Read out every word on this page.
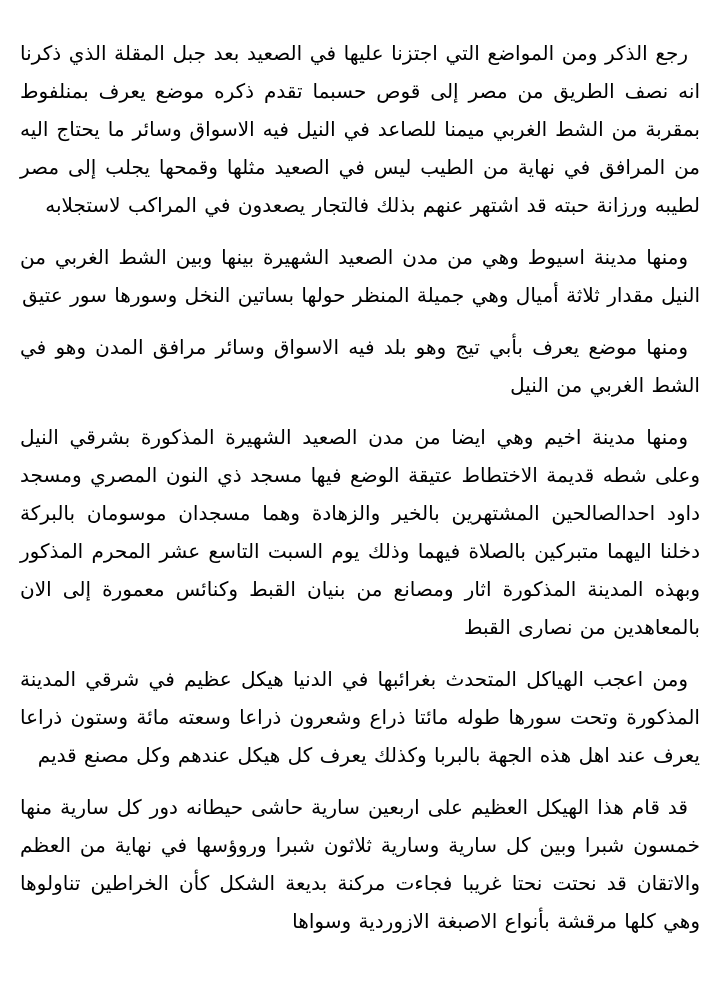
رجع الذكر ومن المواضع التي اجتزنا عليها في الصعيد بعد جبل المقلة الذي ذكرنا انه نصف الطريق من مصر إلى قوص حسبما تقدم ذكره موضع يعرف بمنلفوط بمقربة من الشط الغربي ميمنا للصاعد في النيل فيه الاسواق وسائر ما يحتاج اليه من المرافق في نهاية من الطيب ليس في الصعيد مثلها وقمحها يجلب إلى مصر لطيبه ورزانة حبته قد اشتهر عنهم بذلك فالتجار يصعدون في المراكب لاستجلابه

ومنها مدينة اسيوط وهي من مدن الصعيد الشهيرة بينها وبين الشط الغربي من النيل مقدار ثلاثة أميال وهي جميلة المنظر حولها بساتين النخل وسورها سور عتيق

ومنها موضع يعرف بأبي تيج وهو بلد فيه الاسواق وسائر مرافق المدن وهو في الشط الغربي من النيل

ومنها مدينة اخيم وهي ايضا من مدن الصعيد الشهيرة المذكورة بشرقي النيل وعلى شطه قديمة الاختطاط عتيقة الوضع فيها مسجد ذي النون المصري ومسجد داود احدالصالحين المشتهرين بالخير والزهادة وهما مسجدان موسومان بالبركة دخلنا اليهما متبركين بالصلاة فيهما وذلك يوم السبت التاسع عشر المحرم المذكور وبهذه المدينة المذكورة اثار ومصانع من بنيان القبط وكنائس معمورة إلى الان بالمعاهدين من نصارى القبط

ومن اعجب الهياكل المتحدث بغرائبها في الدنيا هيكل عظيم في شرقي المدينة المذكورة وتحت سورها طوله مائتا ذراع وشعرون ذراعا وسعته مائة وستون ذراعا يعرف عند اهل هذه الجهة بالبربا وكذلك يعرف كل هيكل عندهم وكل مصنع قديم

قد قام هذا الهيكل العظيم على اربعين سارية حاشى حيطانه دور كل سارية منها خمسون شبرا وبين كل سارية وسارية ثلاثون شبرا وروؤسها في نهاية من العظم والاتقان قد نحتت نحتا غريبا فجاءت مركنة بديعة الشكل كأن الخراطين تناولوها وهي كلها مرقشة بأنواع الاصبغة الازوردية وسواها
